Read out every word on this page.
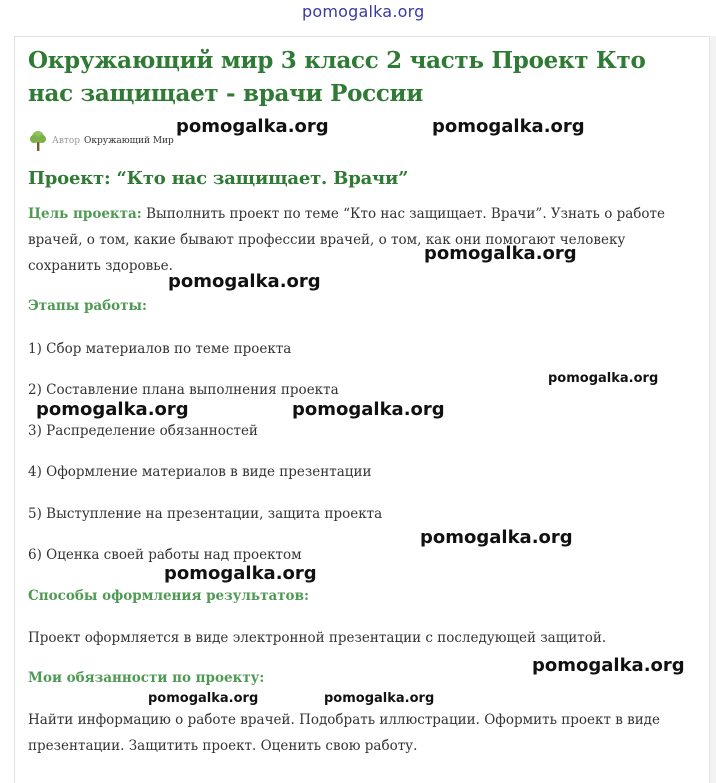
pomogalka.org
Окружающий мир 3 класс 2 часть Проект Кто нас защищает - врачи России
Автор Окружающий Мир
Проект: “Кто нас защищает. Врачи”
Цель проекта: Выполнить проект по теме “Кто нас защищает. Врачи”. Узнать о работе врачей, о том, какие бывают профессии врачей, о том, как они помогают человеку сохранить здоровье.
Этапы работы:
1) Сбор материалов по теме проекта
2) Составление плана выполнения проекта
3) Распределение обязанностей
4) Оформление материалов в виде презентации
5) Выступление на презентации, защита проекта
6) Оценка своей работы над проектом
Способы оформления результатов:
Проект оформляется в виде электронной презентации с последующей защитой.
Мои обязанности по проекту:
Найти информацию о работе врачей. Подобрать иллюстрации. Оформить проект в виде презентации. Защитить проект. Оценить свою работу.
pomogalka.org	pomogalka.org
pomogalka.org
pomogalka.org
pomogalka.org
pomogalka.org	pomogalka.org
pomogalka.org
pomogalka.org
pomogalka.org
pomogalka.org	pomogalka.org
